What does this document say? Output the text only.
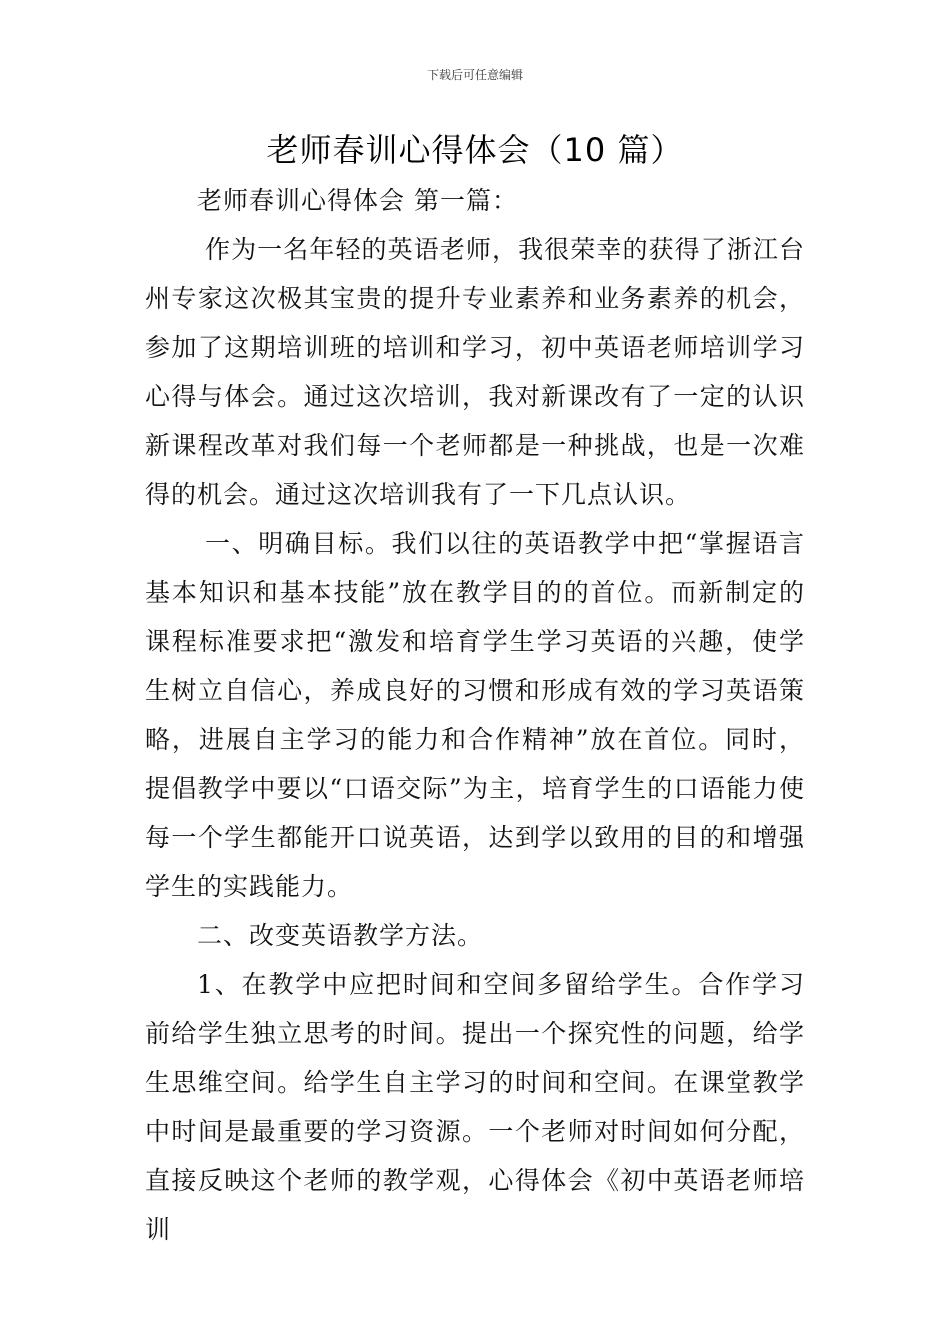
下载后可任意编辑
老师春训心得体会（10 篇）

老师春训心得体会 第一篇：

作为一名年轻的英语老师，我很荣幸的获得了浙江台州专家这次极其宝贵的提升专业素养和业务素养的机会，参加了这期培训班的培训和学习，初中英语老师培训学习心得与体会。通过这次培训，我对新课改有了一定的认识新课程改革对我们每一个老师都是一种挑战，也是一次难得的机会。通过这次培训我有了一下几点认识。

一、明确目标。我们以往的英语教学中把“掌握语言基本知识和基本技能”放在教学目的的首位。而新制定的课程标准要求把“激发和培育学生学习英语的兴趣，使学生树立自信心，养成良好的习惯和形成有效的学习英语策略，进展自主学习的能力和合作精神”放在首位。同时，提倡教学中要以“口语交际”为主，培育学生的口语能力使每一个学生都能开口说英语，达到学以致用的目的和增强学生的实践能力。

二、改变英语教学方法。

1、在教学中应把时间和空间多留给学生。合作学习前给学生独立思考的时间。提出一个探究性的问题，给学生思维空间。给学生自主学习的时间和空间。在课堂教学中时间是最重要的学习资源。一个老师对时间如何分配，直接反映这个老师的教学观，心得体会《初中英语老师培训
